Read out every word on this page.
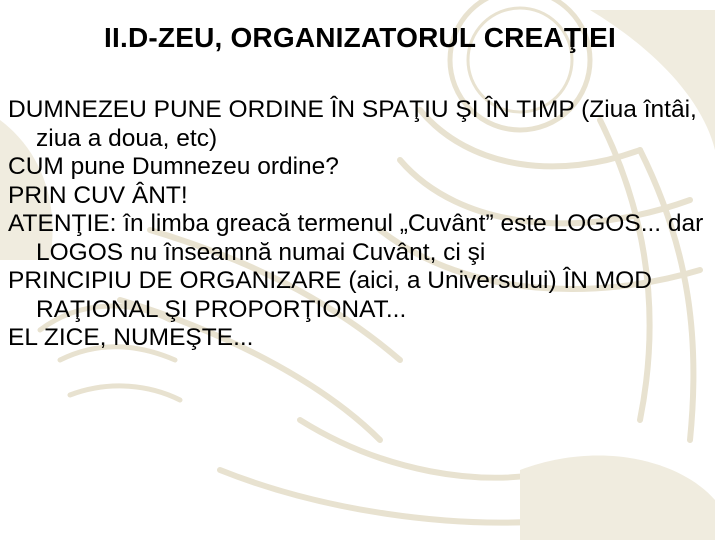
II.D-ZEU, ORGANIZATORUL CREAŢIEI

DUMNEZEU PUNE ORDINE ÎN SPAŢIU ŞI ÎN TIMP (Ziua întâi, ziua a doua, etc)

CUM pune Dumnezeu ordine?

PRIN CUV ÂNT!

ATENŢIE: în limba greacă termenul „Cuvânt” este LOGOS... dar LOGOS nu înseamnă numai Cuvânt, ci şi

PRINCIPIU DE ORGANIZARE (aici, a Universului) ÎN MOD RAŢIONAL ŞI PROPORŢIONAT...

EL ZICE, NUMEŞTE...
